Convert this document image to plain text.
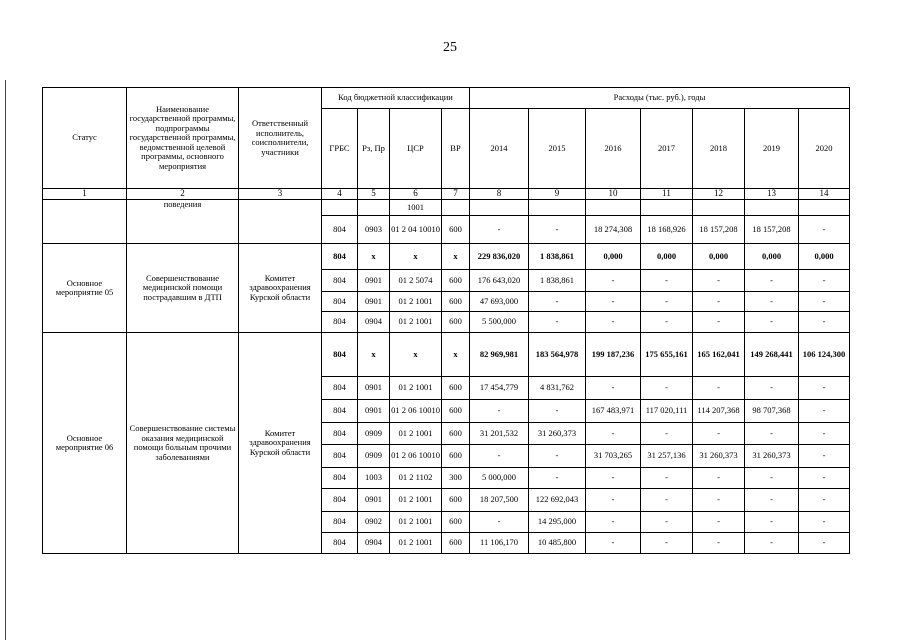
25
Статус	Наименование государственной программы, подпрограммы государственной программы, ведомственной целевой программы, основного мероприятия	Ответственный исполнитель, соисполнители, участники	Код бюджетной классификации				Расходы (тыс. руб.), годы						
			ГРБС	Рз, Пр	ЦСР	ВР	2014	2015	2016	2017	2018	2019	2020
1	2	3	4	5	6	7	8	9	10	11	12	13	14
	поведения				1001								
			804	0903	01 2 04 10010	600	-	-	18 274,308	18 168,926	18 157,208	18 157,208	-
Основное мероприятие 05	Совершенствование медицинской помощи пострадавшим в ДТП	Комитет здравоохранения Курской области	804	x	x	x	229 836,020	1 838,861	0,000	0,000	0,000	0,000	0,000
			804	0901	01 2 5074	600	176 643,020	1 838,861	-	-	-	-	-
			804	0901	01 2 1001	600	47 693,000	-	-	-	-	-	-
			804	0904	01 2 1001	600	5 500,000	-	-	-	-	-	-
Основное мероприятие 06	Совершенствование системы оказания медицинской помощи больным прочими заболеваниями	Комитет здравоохранения Курской области	804	x	x	x	82 969,981	183 564,978	199 187,236	175 655,161	165 162,041	149 268,441	106 124,300
			804	0901	01 2 1001	600	17 454,779	4 831,762	-	-	-	-	-
			804	0901	01 2 06 10010	600	-	-	167 483,971	117 020,111	114 207,368	98 707,368	-
			804	0909	01 2 1001	600	31 201,532	31 260,373	-	-	-	-	-
			804	0909	01 2 06 10010	600	-	-	31 703,265	31 257,136	31 260,373	31 260,373	-
			804	1003	01 2 1102	300	5 000,000	-	-	-	-	-	-
			804	0901	01 2 1001	600	18 207,500	122 692,043	-	-	-	-	-
			804	0902	01 2 1001	600	-	14 295,000	-	-	-	-	-
			804	0904	01 2 1001	600	11 106,170	10 485,800	-	-	-	-	-
